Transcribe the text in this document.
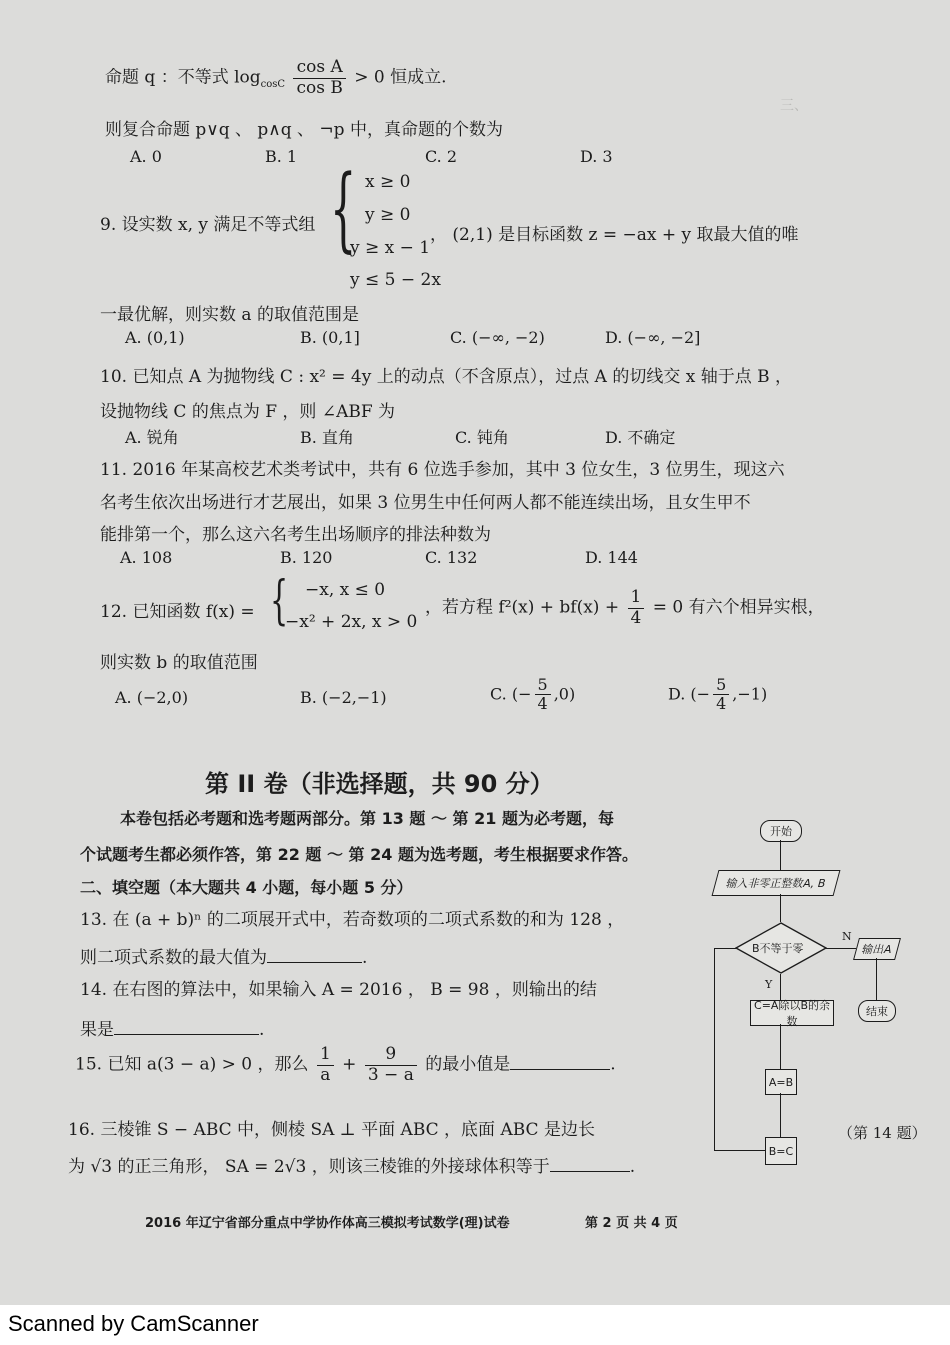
三、
命题 q ：不等式 $\log_{cosC} \frac{\text{cos A}}{\text{cos B}} > 0$ 恒成立.
则复合命题 p∨q 、 p∧q 、 ¬p 中，真命题的个数为
A. 0	B. 1	C. 2	D. 3
9. 设实数 x, y 满足不等式组 { x ≥ 0
y ≥ 0
y ≥ x − 1
y ≤ 5 − 2x
， (2,1) 是目标函数 z = −ax + y 取最大值的唯
一最优解，则实数 a 的取值范围是
A. (0,1)	B. (0,1]	C. (−∞, −2)	D. (−∞, −2]
10. 已知点 A 为抛物线 C : x² = 4y 上的动点（不含原点），过点 A 的切线交 x 轴于点 B ，
设抛物线 C 的焦点为 F ，则 ∠ABF 为
A. 锐角	B. 直角	C. 钝角	D. 不确定
11. 2016 年某高校艺术类考试中，共有 6 位选手参加，其中 3 位女生，3 位男生，现这六
名考生依次出场进行才艺展出，如果 3 位男生中任何两人都不能连续出场，且女生甲不
能排第一个，那么这六名考生出场顺序的排法种数为
A. 108	B. 120	C. 132	D. 144
12. 已知函数 f(x) = { −x, x ≤ 0
−x² + 2x, x > 0
，若方程 $f^2(x) + bf(x) + \frac{1}{4} = 0$ 有六个相异实根，
则实数 b 的取值范围
A. (−2,0)	B. (−2,−1)	C. (− $\frac{5}{4} ,0$)	D. (− $\frac{5}{4} ,-1$)
第 II 卷（非选择题，共 90 分）
本卷包括必考题和选考题两部分。第 13 题 ～ 第 21 题为必考题，每
个试题考生都必须作答，第 22 题 ～ 第 24 题为选考题，考生根据要求作答。
二、填空题（本大题共 4 小题，每小题 5 分）
13. 在 (a + b)ⁿ 的二项展开式中，若奇数项的二项式系数的和为 128 ，
则二项式系数的最大值为	.
14. 在右图的算法中，如果输入 A = 2016 ， B = 98 ，则输出的结
果是	.
15. 已知 a(3 − a) > 0 ，那么 $\frac{1}{a} + \frac{9}{3 - a}$ 的最小值是	.
16. 三棱锥 S − ABC 中，侧棱 SA ⊥ 平面 ABC ，底面 ABC 是边长
为 √3 的正三角形， SA = 2√3 ，则该三棱锥的外接球体积等于	.
开始
输入非零正整数A, B
B不等于零
N
输出A
结束
Y
C=A除以B的余数
A=B
B=C
（第 14 题）
2016 年辽宁省部分重点中学协作体高三模拟考试数学(理)试卷	第 2 页 共 4 页
Scanned by CamScanner
